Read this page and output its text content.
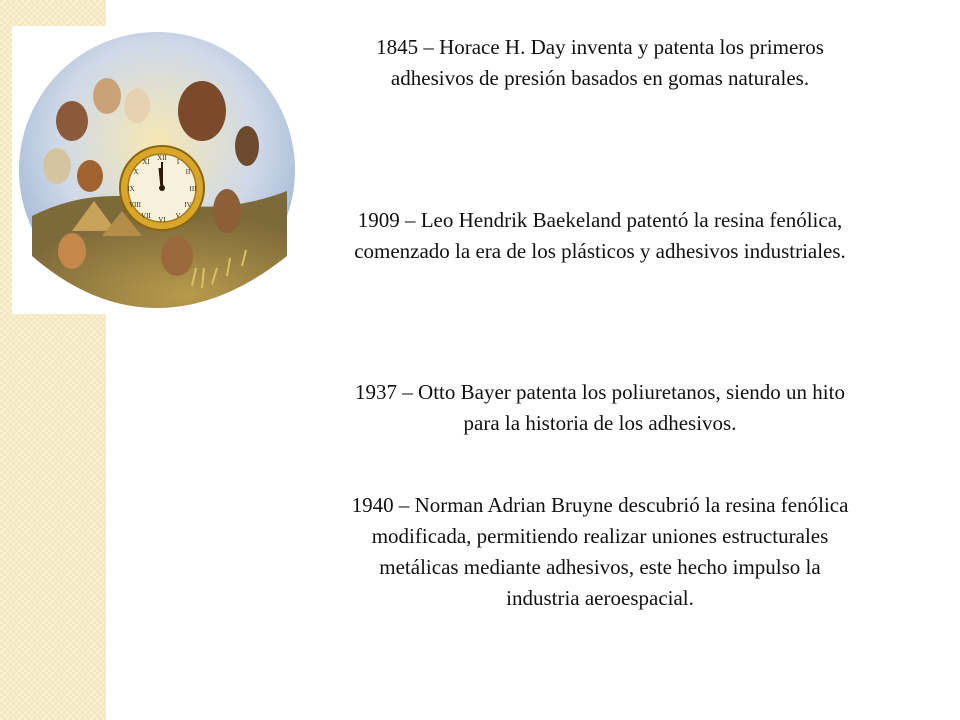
XII I
II
III
IV
V
VI
VII
VIII
IX
X
XI
1845 – Horace H. Day inventa y patenta los primeros adhesivos de presión basados en gomas naturales.
1909 – Leo Hendrik Baekeland patentó la resina fenólica, comenzado la era de los plásticos y adhesivos industriales.
1937 – Otto Bayer patenta los poliuretanos, siendo un hito para la historia de los adhesivos.
1940 – Norman Adrian Bruyne descubrió la resina fenólica modificada, permitiendo realizar uniones estructurales metálicas mediante adhesivos, este hecho impulso la industria aeroespacial.
